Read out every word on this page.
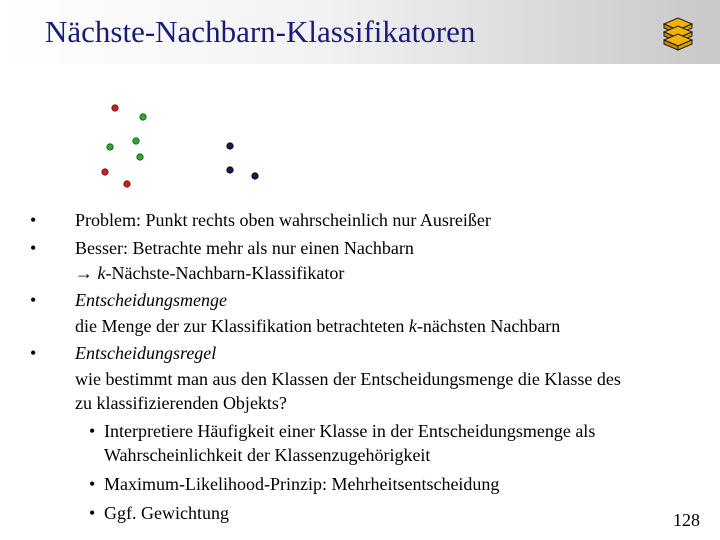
Nächste-Nachbarn-Klassifikatoren
• Problem: Punkt rechts oben wahrscheinlich nur Ausreißer
• Besser: Betrachte mehr als nur einen Nachbarn
→ k-Nächste-Nachbarn-Klassifikator
• Entscheidungsmenge
die Menge der zur Klassifikation betrachteten k-nächsten Nachbarn
• Entscheidungsregel
wie bestimmt man aus den Klassen der Entscheidungsmenge die Klasse des
zu klassifizierenden Objekts?
• Interpretiere Häufigkeit einer Klasse in der Entscheidungsmenge als
Wahrscheinlichkeit der Klassenzugehörigkeit
• Maximum-Likelihood-Prinzip: Mehrheitsentscheidung
• Ggf. Gewichtung	128
